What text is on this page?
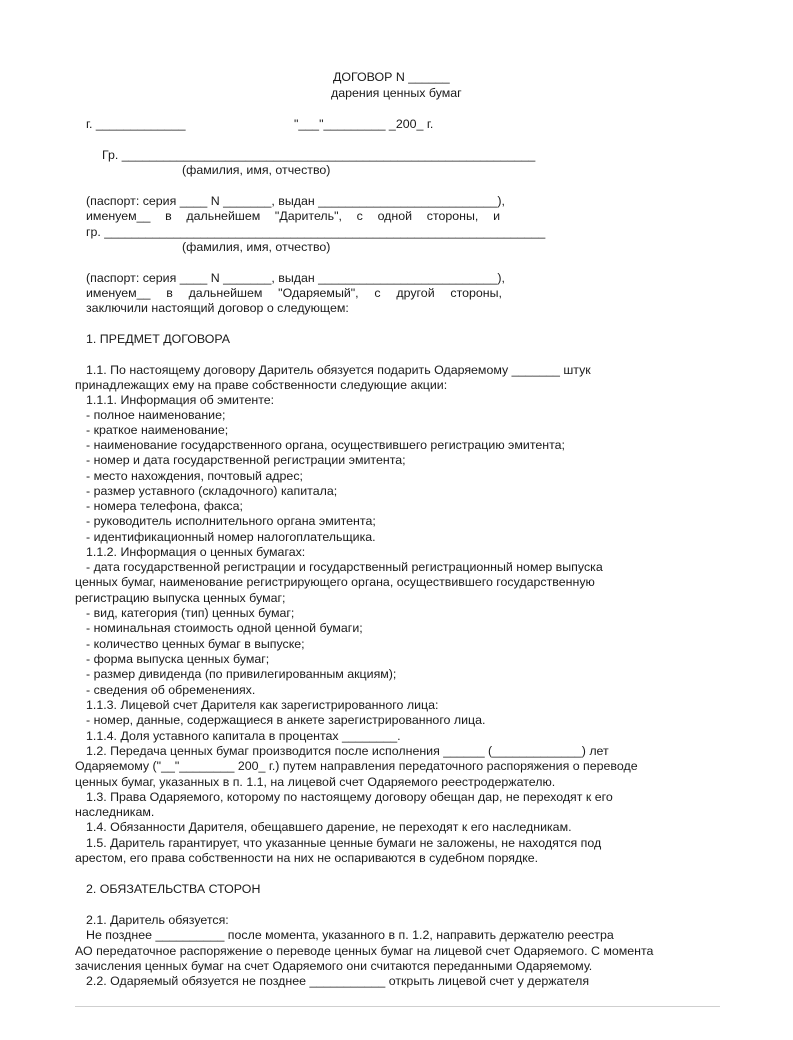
ДОГОВОР N ______
дарения ценных бумаг
г. _____________	"___"_________ _200_ г.
Гр. ____________________________________________________________
(фамилия, имя, отчество)
(паспорт: серия ____ N _______, выдан __________________________),
именуем__ в дальнейшем "Даритель", с одной стороны, и
гр. ________________________________________________________________
(фамилия, имя, отчество)
(паспорт: серия ____ N _______, выдан __________________________),
именуем__ в дальнейшем "Одаряемый", с другой стороны,
заключили настоящий договор о следующем:
1. ПРЕДМЕТ ДОГОВОРА
1.1. По настоящему договору Даритель обязуется подарить Одаряемому _______ штук
принадлежащих ему на праве собственности следующие акции:
1.1.1. Информация об эмитенте:
- полное наименование;
- краткое наименование;
- наименование государственного органа, осуществившего регистрацию эмитента;
- номер и дата государственной регистрации эмитента;
- место нахождения, почтовый адрес;
- размер уставного (складочного) капитала;
- номера телефона, факса;
- руководитель исполнительного органа эмитента;
- идентификационный номер налогоплательщика.
1.1.2. Информация о ценных бумагах:
- дата государственной регистрации и государственный регистрационный номер выпуска
ценных бумаг, наименование регистрирующего органа, осуществившего государственную
регистрацию выпуска ценных бумаг;
- вид, категория (тип) ценных бумаг;
- номинальная стоимость одной ценной бумаги;
- количество ценных бумаг в выпуске;
- форма выпуска ценных бумаг;
- размер дивиденда (по привилегированным акциям);
- сведения об обременениях.
1.1.3. Лицевой счет Дарителя как зарегистрированного лица:
- номер, данные, содержащиеся в анкете зарегистрированного лица.
1.1.4. Доля уставного капитала в процентах ________.
1.2. Передача ценных бумаг производится после исполнения ______ (_____________) лет
Одаряемому ("__"________ 200_ г.) путем направления передаточного распоряжения о переводе
ценных бумаг, указанных в п. 1.1, на лицевой счет Одаряемого реестродержателю.
1.3. Права Одаряемого, которому по настоящему договору обещан дар, не переходят к его
наследникам.
1.4. Обязанности Дарителя, обещавшего дарение, не переходят к его наследникам.
1.5. Даритель гарантирует, что указанные ценные бумаги не заложены, не находятся под
арестом, его права собственности на них не оспариваются в судебном порядке.
2. ОБЯЗАТЕЛЬСТВА СТОРОН
2.1. Даритель обязуется:
Не позднее __________ после момента, указанного в п. 1.2, направить держателю реестра
АО передаточное распоряжение о переводе ценных бумаг на лицевой счет Одаряемого. С момента
зачисления ценных бумаг на счет Одаряемого они считаются переданными Одаряемому.
2.2. Одаряемый обязуется не позднее ___________ открыть лицевой счет у держателя
